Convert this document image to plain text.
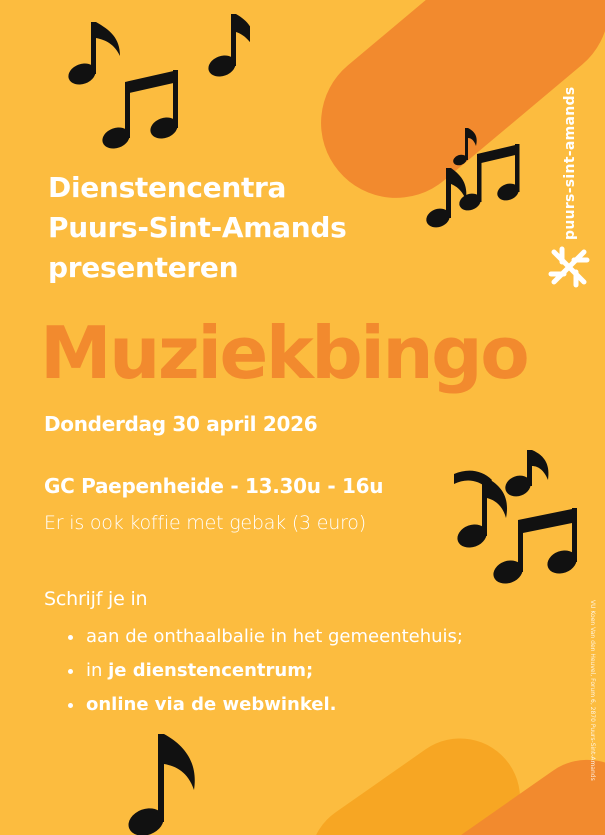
Dienstencentra
Puurs-Sint-Amands
presenteren
Muziekbingo
Donderdag 30 april 2026
GC Paepenheide - 13.30u - 16u
Er is ook koffie met gebak (3 euro)
Schrijf je in
aan de onthaalbalie in het gemeentehuis;
in je dienstencentrum;
online via de webwinkel.
puurs-sint-amands
VU Koen Van den Heuvel, Forum 6, 2870 Puurs-Sint-Amands
